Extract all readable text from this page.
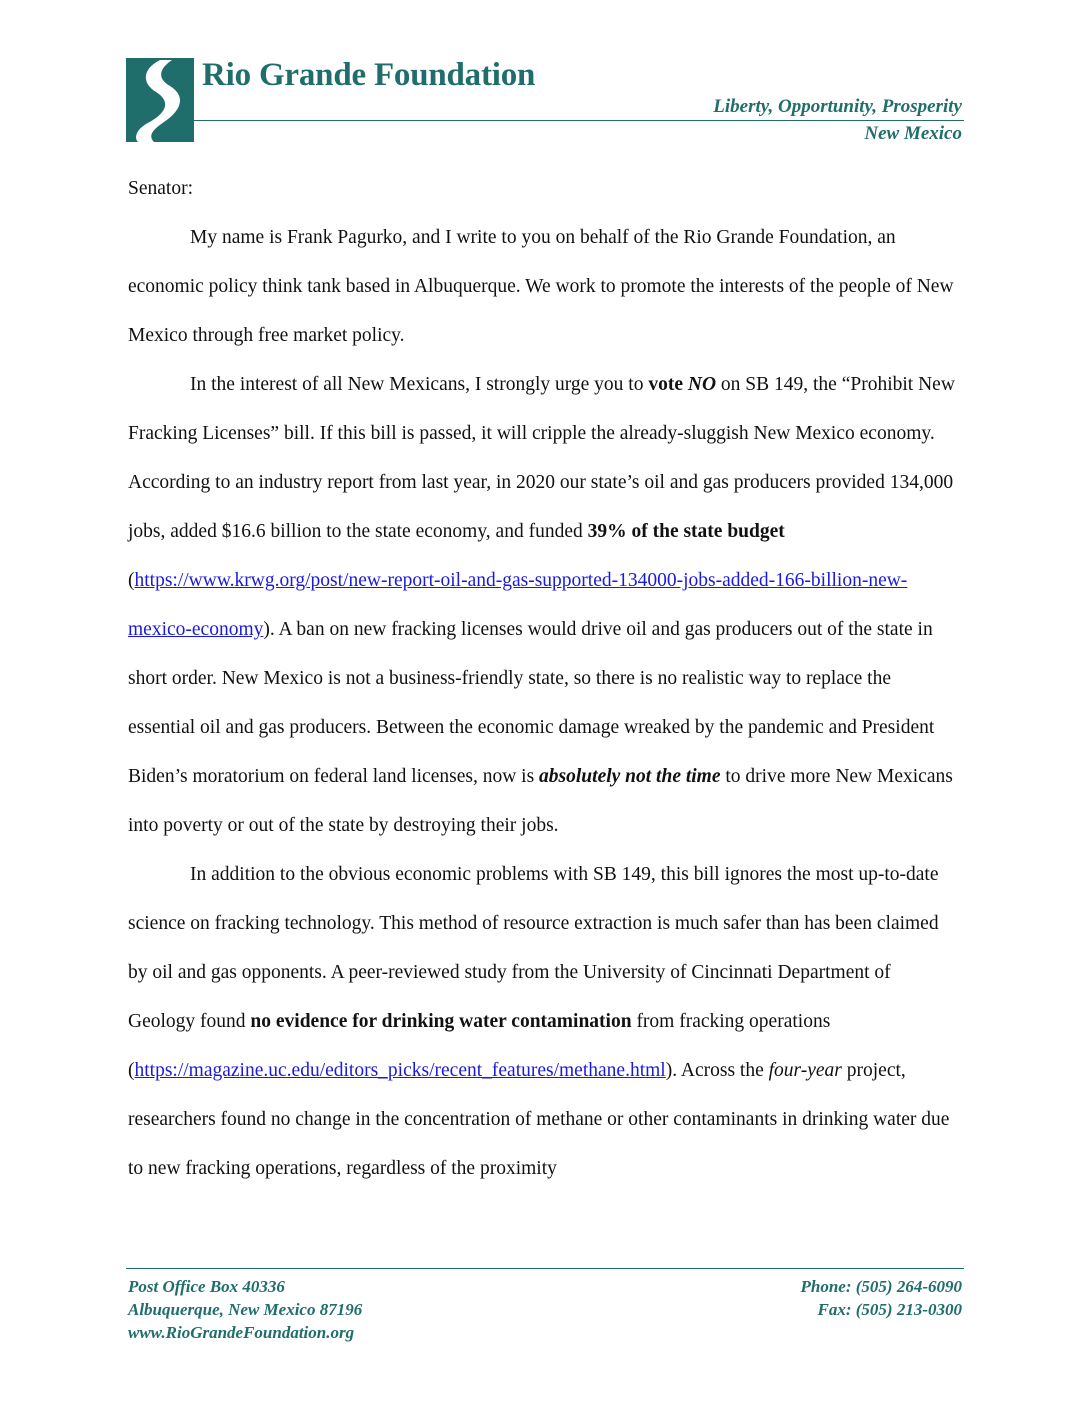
Rio Grande Foundation
Liberty, Opportunity, Prosperity
New Mexico

Senator:

My name is Frank Pagurko, and I write to you on behalf of the Rio Grande Foundation, an economic policy think tank based in Albuquerque. We work to promote the interests of the people of New Mexico through free market policy.

In the interest of all New Mexicans, I strongly urge you to vote NO on SB 149, the “Prohibit New Fracking Licenses” bill. If this bill is passed, it will cripple the already-sluggish New Mexico economy. According to an industry report from last year, in 2020 our state’s oil and gas producers provided 134,000 jobs, added $16.6 billion to the state economy, and funded 39% of the state budget (https://www.krwg.org/post/new-report-oil-and-gas-supported-134000-jobs-added-166-billion-new-mexico-economy). A ban on new fracking licenses would drive oil and gas producers out of the state in short order. New Mexico is not a business-friendly state, so there is no realistic way to replace the essential oil and gas producers. Between the economic damage wreaked by the pandemic and President Biden’s moratorium on federal land licenses, now is absolutely not the time to drive more New Mexicans into poverty or out of the state by destroying their jobs.

In addition to the obvious economic problems with SB 149, this bill ignores the most up-to-date science on fracking technology. This method of resource extraction is much safer than has been claimed by oil and gas opponents. A peer-reviewed study from the University of Cincinnati Department of Geology found no evidence for drinking water contamination from fracking operations (https://magazine.uc.edu/editors_picks/recent_features/methane.html). Across the four-year project, researchers found no change in the concentration of methane or other contaminants in drinking water due to new fracking operations, regardless of the proximity

Post Office Box 40336
Albuquerque, New Mexico 87196
www.RioGrandeFoundation.org
Phone: (505) 264-6090
Fax: (505) 213-0300
